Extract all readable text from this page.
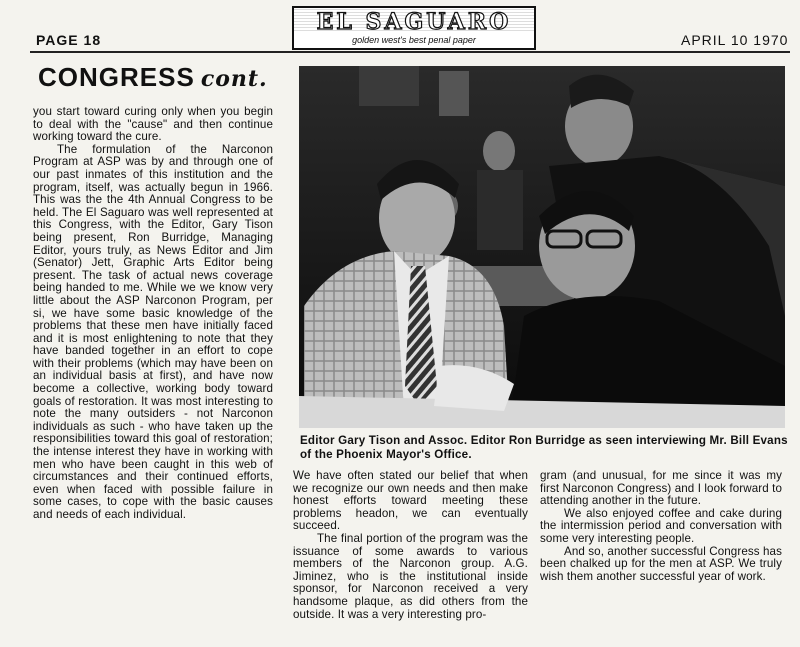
EL SAGUARO
golden west's best penal paper
PAGE 18	APRIL 10 1970
CONGRESS cont.

you start toward curing only when you begin to deal with the "cause" and then continue working toward the cure.

The formulation of the Narconon Program at ASP was by and through one of our past inmates of this institution and the program, itself, was actually begun in 1966. This was the the 4th Annual Congress to be held. The El Saguaro was well represented at this Congress, with the Editor, Gary Tison being present, Ron Burridge, Managing Editor, yours truly, as News Editor and Jim (Senator) Jett, Graphic Arts Editor being present. The task of actual news coverage being handed to me. While we we know very little about the ASP Narconon Program, per si, we have some basic knowledge of the problems that these men have initially faced and it is most enlightening to note that they have banded together in an effort to cope with their problems (which may have been on an individual basis at first), and have now become a collective, working body toward goals of restoration. It was most interesting to note the many outsiders - not Narconon individuals as such - who have taken up the responsibilities toward this goal of restoration; the intense interest they have in working with men who have been caught in this web of circumstances and their continued efforts, even when faced with possible failure in some cases, to cope with the basic causes and needs of each individual.

Editor Gary Tison and Assoc. Editor Ron Burridge as seen interviewing Mr. Bill Evans of the Phoenix Mayor's Office.

We have often stated our belief that when we recognize our own needs and then make honest efforts toward meeting these problems headon, we can eventually succeed.

The final portion of the program was the issuance of some awards to various members of the Narconon group. A.G. Jiminez, who is the institutional inside sponsor, for Narconon received a very handsome plaque, as did others from the outside. It was a very interesting pro-

gram (and unusual, for me since it was my first Narconon Congress) and I look forward to attending another in the future.

We also enjoyed coffee and cake during the intermission period and conversation with some very interesting people.

And so, another successful Congress has been chalked up for the men at ASP. We truly wish them another successful year of work.
